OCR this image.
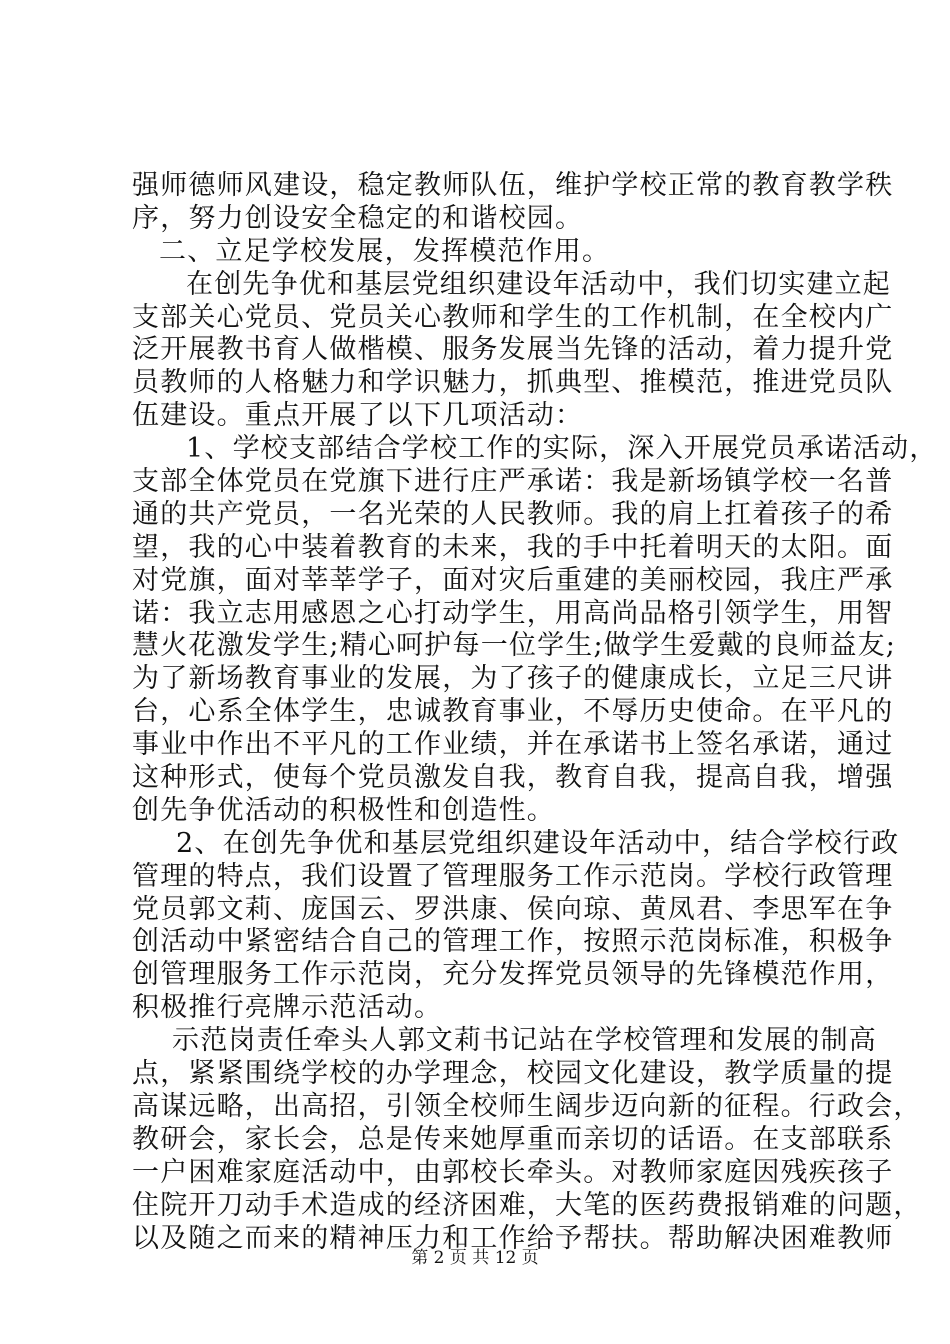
强师德师风建设，稳定教师队伍，维护学校正常的教育教学秩
序，努力创设安全稳定的和谐校园。
二、立足学校发展，发挥模范作用。
在创先争优和基层党组织建设年活动中，我们切实建立起
支部关心党员、党员关心教师和学生的工作机制，在全校内广
泛开展教书育人做楷模、服务发展当先锋的活动，着力提升党
员教师的人格魅力和学识魅力，抓典型、推模范，推进党员队
伍建设。重点开展了以下几项活动：
1、学校支部结合学校工作的实际，深入开展党员承诺活动，
支部全体党员在党旗下进行庄严承诺：我是新场镇学校一名普
通的共产党员，一名光荣的人民教师。我的肩上扛着孩子的希
望，我的心中装着教育的未来，我的手中托着明天的太阳。面
对党旗，面对莘莘学子，面对灾后重建的美丽校园，我庄严承
诺：我立志用感恩之心打动学生，用高尚品格引领学生，用智
慧火花激发学生;精心呵护每一位学生;做学生爱戴的良师益友;
为了新场教育事业的发展，为了孩子的健康成长，立足三尺讲
台，心系全体学生，忠诚教育事业，不辱历史使命。在平凡的
事业中作出不平凡的工作业绩，并在承诺书上签名承诺，通过
这种形式，使每个党员激发自我，教育自我，提高自我，增强
创先争优活动的积极性和创造性。
2、在创先争优和基层党组织建设年活动中，结合学校行政
管理的特点，我们设置了管理服务工作示范岗。学校行政管理
党员郭文莉、庞国云、罗洪康、侯向琼、黄凤君、李思军在争
创活动中紧密结合自己的管理工作，按照示范岗标准，积极争
创管理服务工作示范岗，充分发挥党员领导的先锋模范作用，
积极推行亮牌示范活动。
示范岗责任牵头人郭文莉书记站在学校管理和发展的制高
点，紧紧围绕学校的办学理念，校园文化建设，教学质量的提
高谋远略，出高招，引领全校师生阔步迈向新的征程。行政会，
教研会，家长会，总是传来她厚重而亲切的话语。在支部联系
一户困难家庭活动中，由郭校长牵头。对教师家庭因残疾孩子
住院开刀动手术造成的经济困难，大笔的医药费报销难的问题，
以及随之而来的精神压力和工作给予帮扶。帮助解决困难教师
第 2 页 共 12 页
